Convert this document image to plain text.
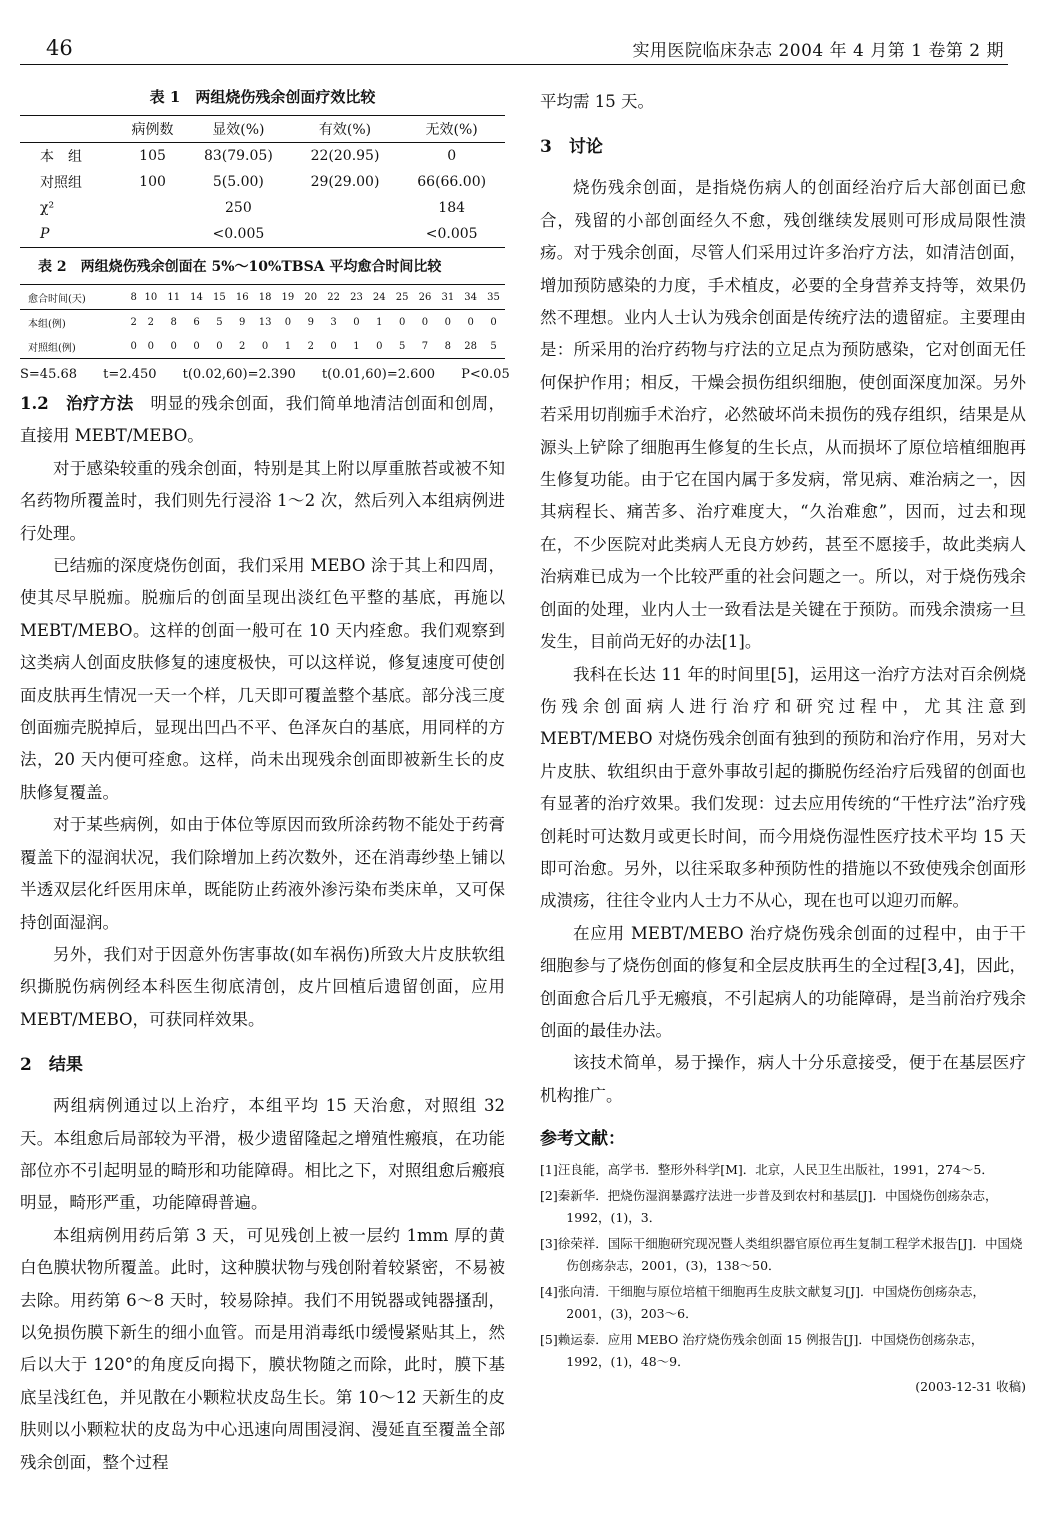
46	实用医院临床杂志 2004 年 4 月第 1 卷第 2 期
表 1　两组烧伤残余创面疗效比较
	病例数	显效(%)	有效(%)	无效(%)
本　组	105	83(79.05)	22(20.95)	0
对照组	100	5(5.00)	29(29.00)	66(66.00)
χ²		250		184
P		<0.005		<0.005
表 2　两组烧伤残余创面在 5%～10%TBSA 平均愈合时间比较
愈合时间(天)	8	10	11	14	15	16	18	19	20	22	23	24	25	26	31	34	35
本组(例)	2	2	8	6	5	9	13	0	9	3	0	1	0	0	0	0	0
对照组(例)	0	0	0	0	0	2	0	1	2	0	1	0	5	7	8	28	5
S=45.68 t=2.450 t(0.02,60)=2.390 t(0.01,60)=2.600 P<0.05

1.2　治疗方法　 明显的残余创面，我们简单地清洁创面和创周，直接用 MEBT/MEBO。

对于感染较重的残余创面，特别是其上附以厚重脓苔或被不知名药物所覆盖时，我们则先行浸浴 1～2 次，然后列入本组病例进行处理。

已结痂的深度烧伤创面，我们采用 MEBO 涂于其上和四周，使其尽早脱痂。脱痂后的创面呈现出淡红色平整的基底，再施以 MEBT/MEBO。这样的创面一般可在 10 天内痊愈。我们观察到这类病人创面皮肤修复的速度极快，可以这样说，修复速度可使创面皮肤再生情况一天一个样，几天即可覆盖整个基底。部分浅三度创面痂壳脱掉后，显现出凹凸不平、色泽灰白的基底，用同样的方法，20 天内便可痊愈。这样，尚未出现残余创面即被新生长的皮肤修复覆盖。

对于某些病例，如由于体位等原因而致所涂药物不能处于药膏覆盖下的湿润状况，我们除增加上药次数外，还在消毒纱垫上铺以半透双层化纤医用床单，既能防止药液外渗污染布类床单，又可保持创面湿润。

另外，我们对于因意外伤害事故(如车祸伤)所致大片皮肤软组织撕脱伤病例经本科医生彻底清创，皮片回植后遗留创面，应用 MEBT/MEBO，可获同样效果。

2　结果

两组病例通过以上治疗，本组平均 15 天治愈，对照组 32 天。本组愈后局部较为平滑，极少遗留隆起之增殖性瘢痕，在功能部位亦不引起明显的畸形和功能障碍。相比之下，对照组愈后瘢痕明显，畸形严重，功能障碍普遍。

本组病例用药后第 3 天，可见残创上被一层约 1mm 厚的黄白色膜状物所覆盖。此时，这种膜状物与残创附着较紧密，不易被去除。用药第 6～8 天时，较易除掉。我们不用锐器或钝器搔刮，以免损伤膜下新生的细小血管。而是用消毒纸巾缓慢紧贴其上，然后以大于 120°的角度反向揭下，膜状物随之而除，此时，膜下基底呈浅红色，并见散在小颗粒状皮岛生长。第 10～12 天新生的皮肤则以小颗粒状的皮岛为中心迅速向周围浸润、漫延直至覆盖全部残余创面，整个过程

平均需 15 天。

3　讨论

烧伤残余创面，是指烧伤病人的创面经治疗后大部创面已愈合，残留的小部创面经久不愈，残创继续发展则可形成局限性溃疡。对于残余创面，尽管人们采用过许多治疗方法，如清洁创面，增加预防感染的力度，手术植皮，必要的全身营养支持等，效果仍然不理想。业内人士认为残余创面是传统疗法的遗留症。主要理由是：所采用的治疗药物与疗法的立足点为预防感染，它对创面无任何保护作用；相反，干燥会损伤组织细胞，使创面深度加深。另外若采用切削痂手术治疗，必然破坏尚未损伤的残存组织，结果是从源头上铲除了细胞再生修复的生长点，从而损坏了原位培植细胞再生修复功能。由于它在国内属于多发病，常见病、难治病之一，因其病程长、痛苦多、治疗难度大，“久治难愈”，因而，过去和现在，不少医院对此类病人无良方妙药，甚至不愿接手，故此类病人治病难已成为一个比较严重的社会问题之一。所以，对于烧伤残余创面的处理，业内人士一致看法是关键在于预防。而残余溃疡一旦发生，目前尚无好的办法[1]。

我科在长达 11 年的时间里[5]，运用这一治疗方法对百余例烧伤残余创面病人进行治疗和研究过程中，尤其注意到 MEBT/MEBO 对烧伤残余创面有独到的预防和治疗作用，另对大片皮肤、软组织由于意外事故引起的撕脱伤经治疗后残留的创面也有显著的治疗效果。我们发现：过去应用传统的“干性疗法”治疗残创耗时可达数月或更长时间，而今用烧伤湿性医疗技术平均 15 天即可治愈。另外，以往采取多种预防性的措施以不致使残余创面形成溃疡，往往令业内人士力不从心，现在也可以迎刃而解。

在应用 MEBT/MEBO 治疗烧伤残余创面的过程中，由于干细胞参与了烧伤创面的修复和全层皮肤再生的全过程[3,4]，因此，创面愈合后几乎无瘢痕，不引起病人的功能障碍，是当前治疗残余创面的最佳办法。

该技术简单，易于操作，病人十分乐意接受，便于在基层医疗机构推广。

参考文献：
[1]汪良能，高学书．整形外科学[M]．北京，人民卫生出版社，1991，274～5．
[2]秦新华．把烧伤湿润暴露疗法进一步普及到农村和基层[J]．中国烧伤创疡杂志，1992，(1)，3．
[3]徐荣祥．国际干细胞研究现况暨人类组织器官原位再生复制工程学术报告[J]．中国烧伤创疡杂志，2001，(3)，138～50．
[4]张向清．干细胞与原位培植干细胞再生皮肤文献复习[J]．中国烧伤创疡杂志，2001，(3)，203～6．
[5]赖运泰．应用 MEBO 治疗烧伤残余创面 15 例报告[J]．中国烧伤创疡杂志，1992，(1)，48～9．
(2003-12-31 收稿)
